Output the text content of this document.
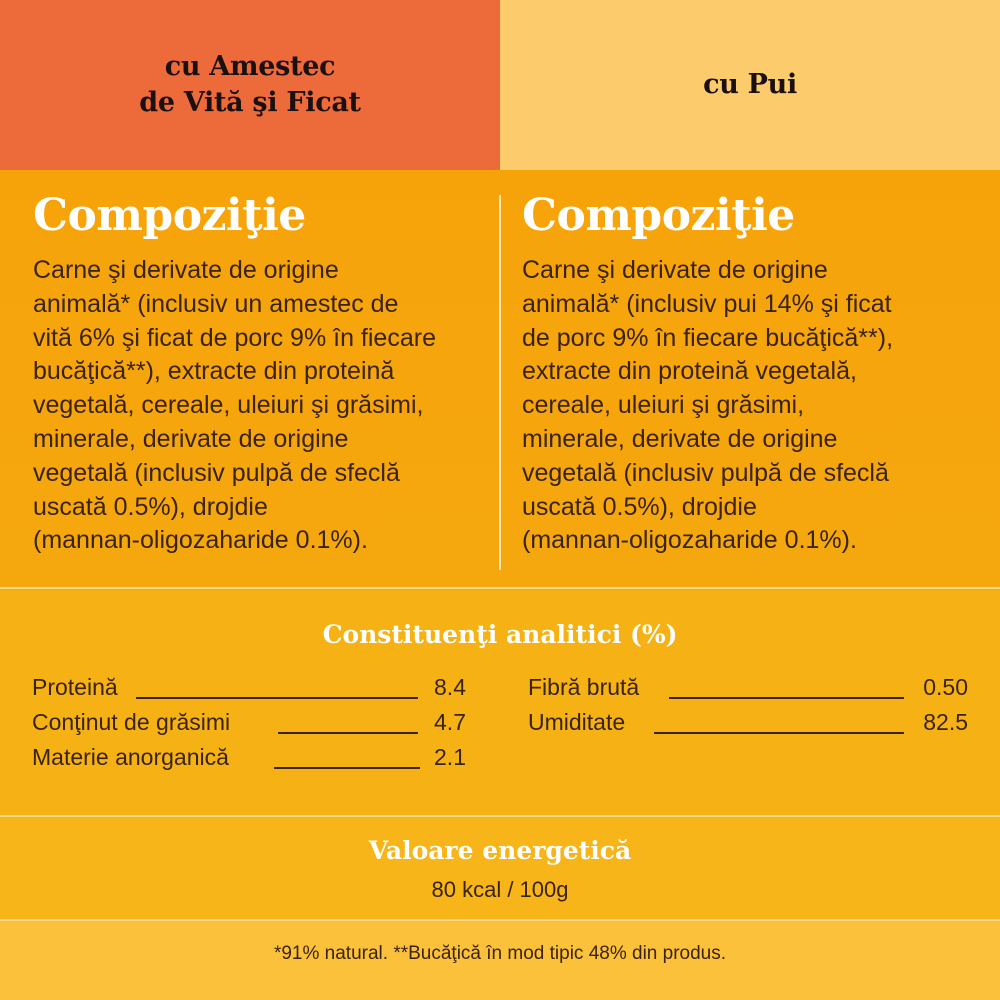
cu Amestec
de Vită şi Ficat
cu Pui
Compoziţie
Carne şi derivate de origine
animală* (inclusiv un amestec de
vită 6% şi ficat de porc 9% în fiecare
bucăţică**), extracte din proteină
vegetală, cereale, uleiuri şi grăsimi,
minerale, derivate de origine
vegetală (inclusiv pulpă de sfeclă
uscată 0.5%), drojdie
(mannan-oligozaharide 0.1%).
Compoziţie
Carne şi derivate de origine
animală* (inclusiv pui 14% şi ficat
de porc 9% în fiecare bucăţică**),
extracte din proteină vegetală,
cereale, uleiuri şi grăsimi,
minerale, derivate de origine
vegetală (inclusiv pulpă de sfeclă
uscată 0.5%), drojdie
(mannan-oligozaharide 0.1%).
Constituenţi analitici (%)
Proteină	8.4
Conţinut de grăsimi	4.7
Materie anorganică	2.1
Fibră brută	0.50
Umiditate	82.5
Valoare energetică
80 kcal / 100g
*91% natural. **Bucăţică în mod tipic 48% din produs.
